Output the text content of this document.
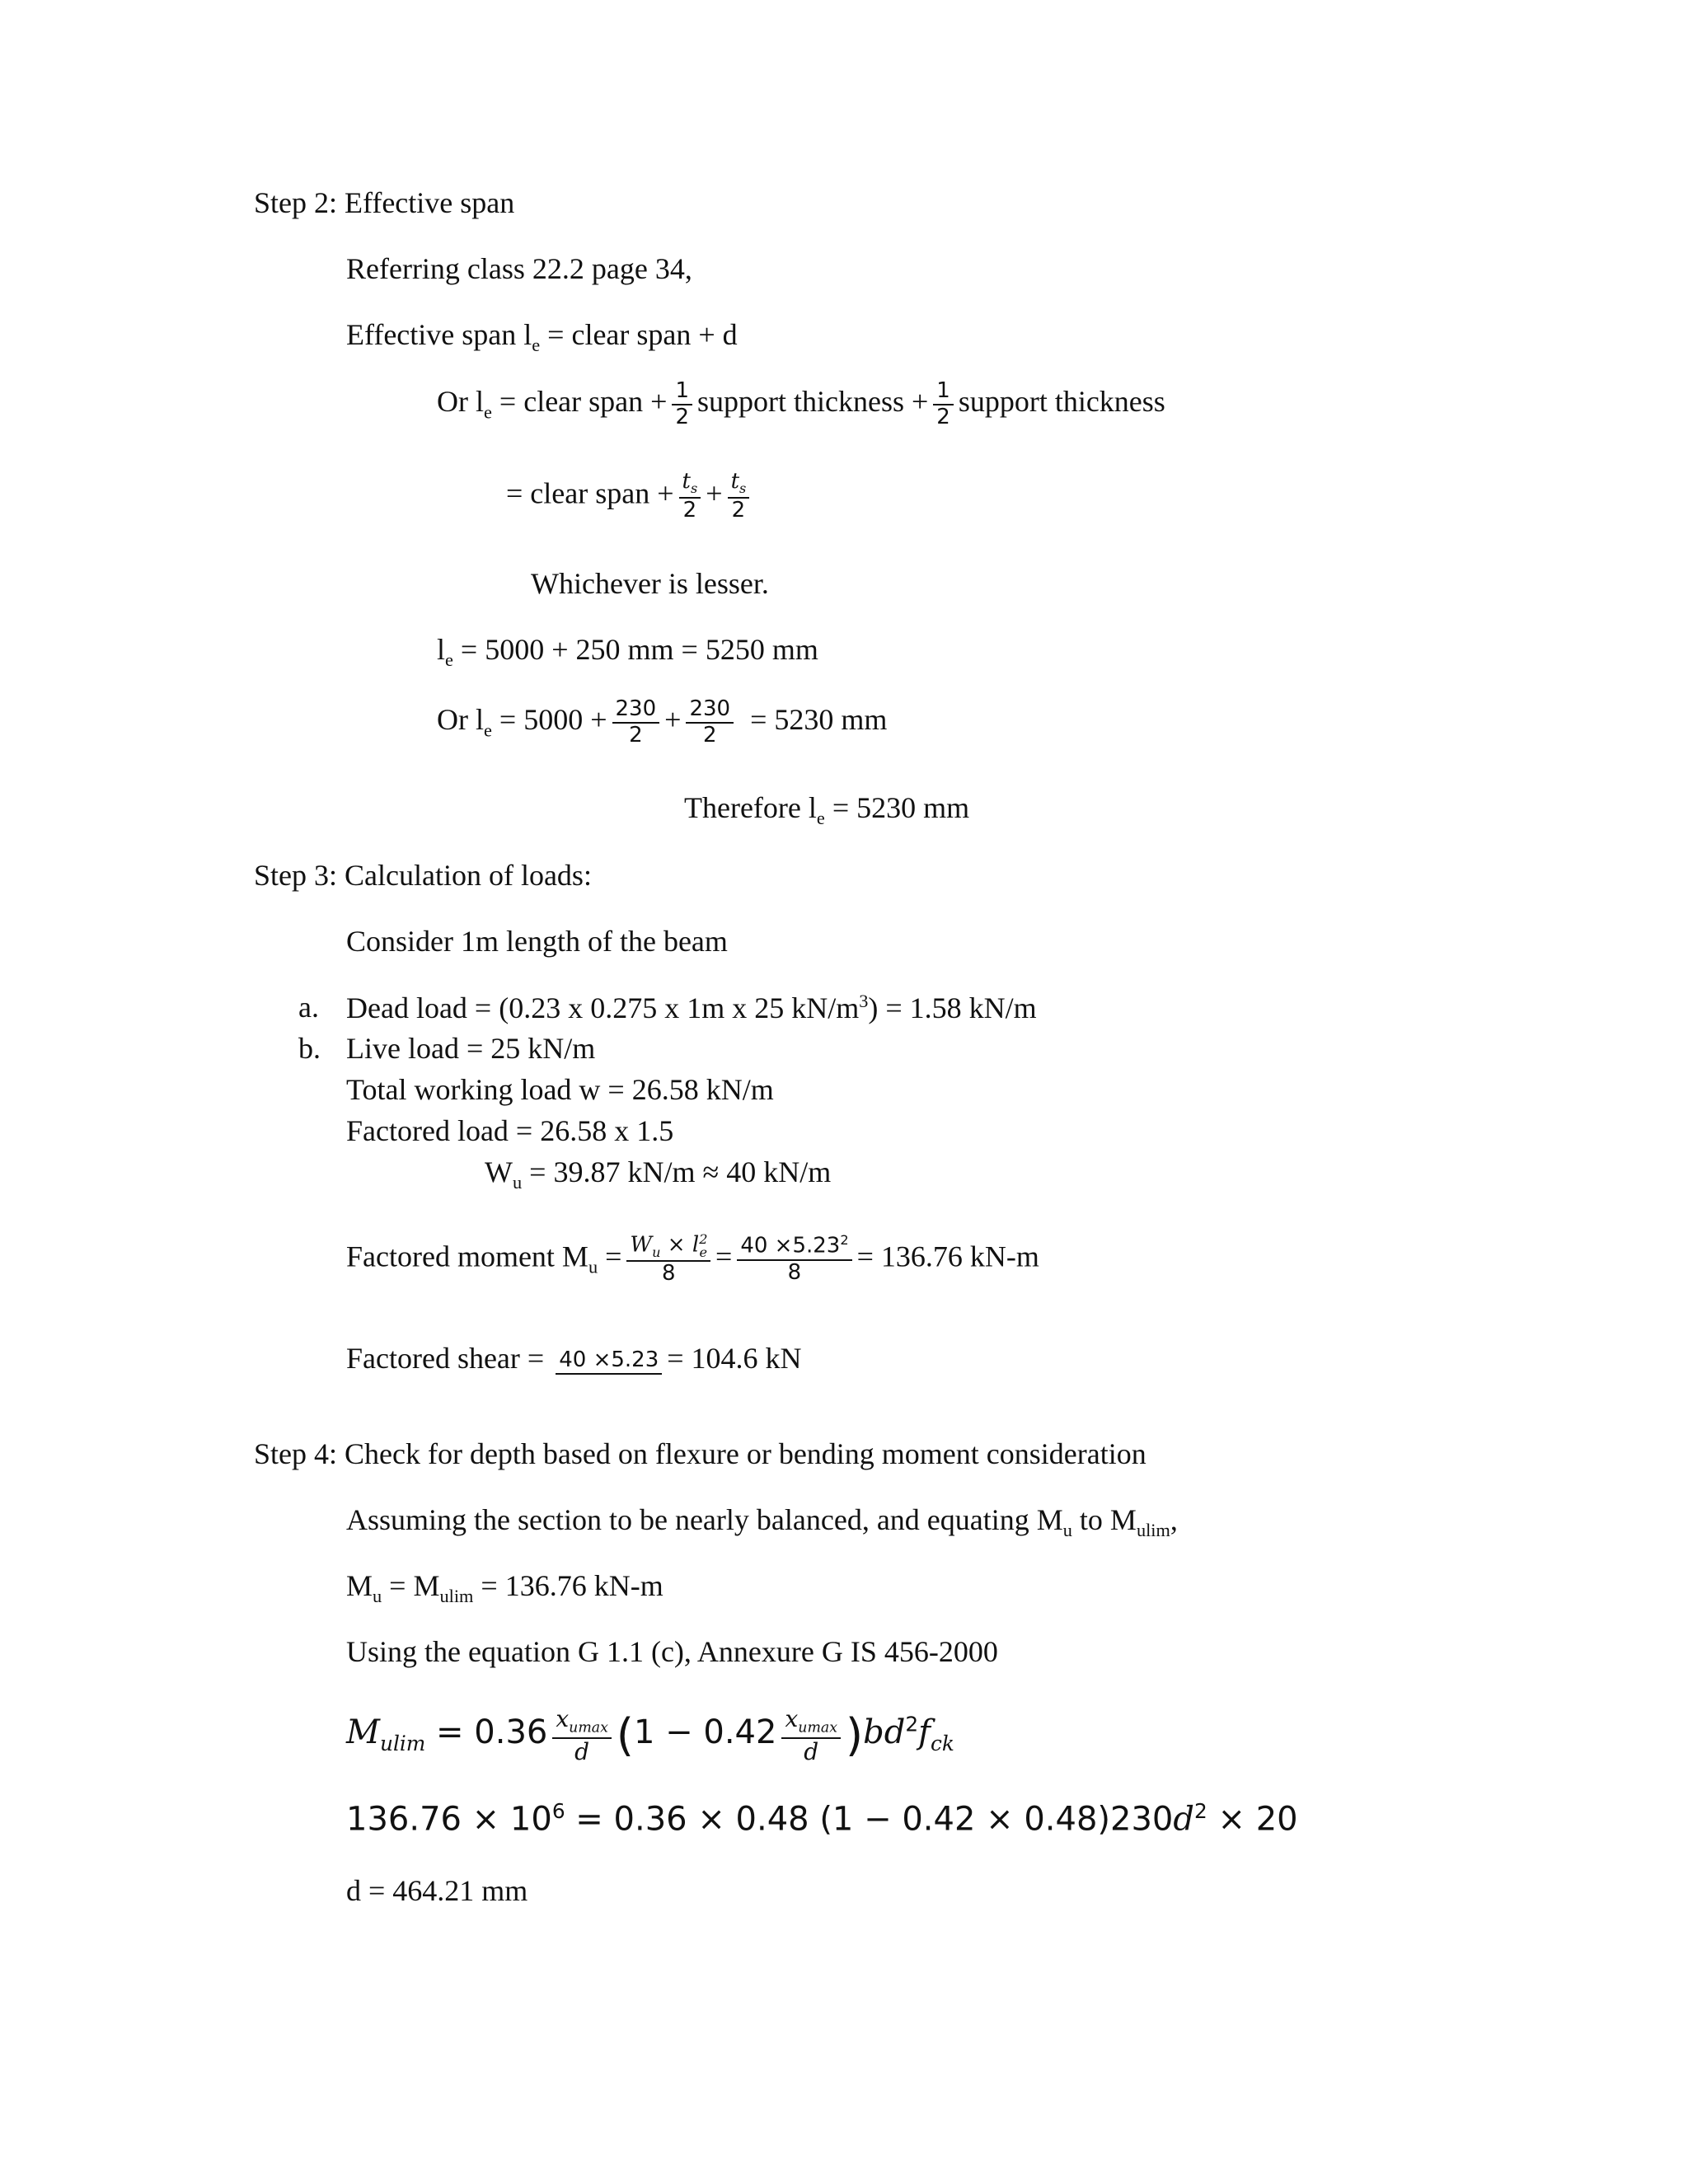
Step 2: Effective span
Referring class 22.2 page 34,
Effective span $l_e$ = clear span + d
Or $l_e$ = clear span + $\frac{1}{2}$ support thickness + $\frac{1}{2}$ support thickness
= clear span + $\frac{t_s}{2} + \frac{t_s}{2}$
Whichever is lesser.
$l_e = 5000 + 250$ mm = 5250 mm
Or $l_e = 5000 + \frac{230}{2} + \frac{230}{2} = 5230$ mm
Therefore $l_e = 5230$ mm
Step 3: Calculation of loads:
Consider 1m length of the beam
a. Dead load = (0.23 x 0.275 x 1m x 25 $kN/m^3) = 1.58$ kN/m
b. Live load = 25 kN/m
Total working load w = 26.58 kN/m
Factored load = 26.58 x 1.5
$W_u = 39.87$ kN/m ≈ 40 kN/m
Factored moment $M_u = \frac{W_u \times l^2_e}{8} = \frac{40 \times 5.23^2}{8} = 136.76$ kN-m
Factored shear = 40 ×5.23 = 104.6 kN
Step 4: Check for depth based on flexure or bending moment consideration
Assuming the section to be nearly balanced, and equating $M_u$ to $M_{ulim}$,
$M_u = M_{ulim} = 136.76$ kN-m
Using the equation G 1.1 (c), Annexure G IS 456-2000
$M_{ulim} = 0.36 \frac{x_{umax}}{d} (1 - 0.42 \frac{x_{umax}}{d} )bd^2f_{ck}$
$136.76 \times 10^6 = 0.36 \times 0.48$ $(1 - 0.42 \times 0.48)230d^2 \times 20$
d = 464.21 mm
